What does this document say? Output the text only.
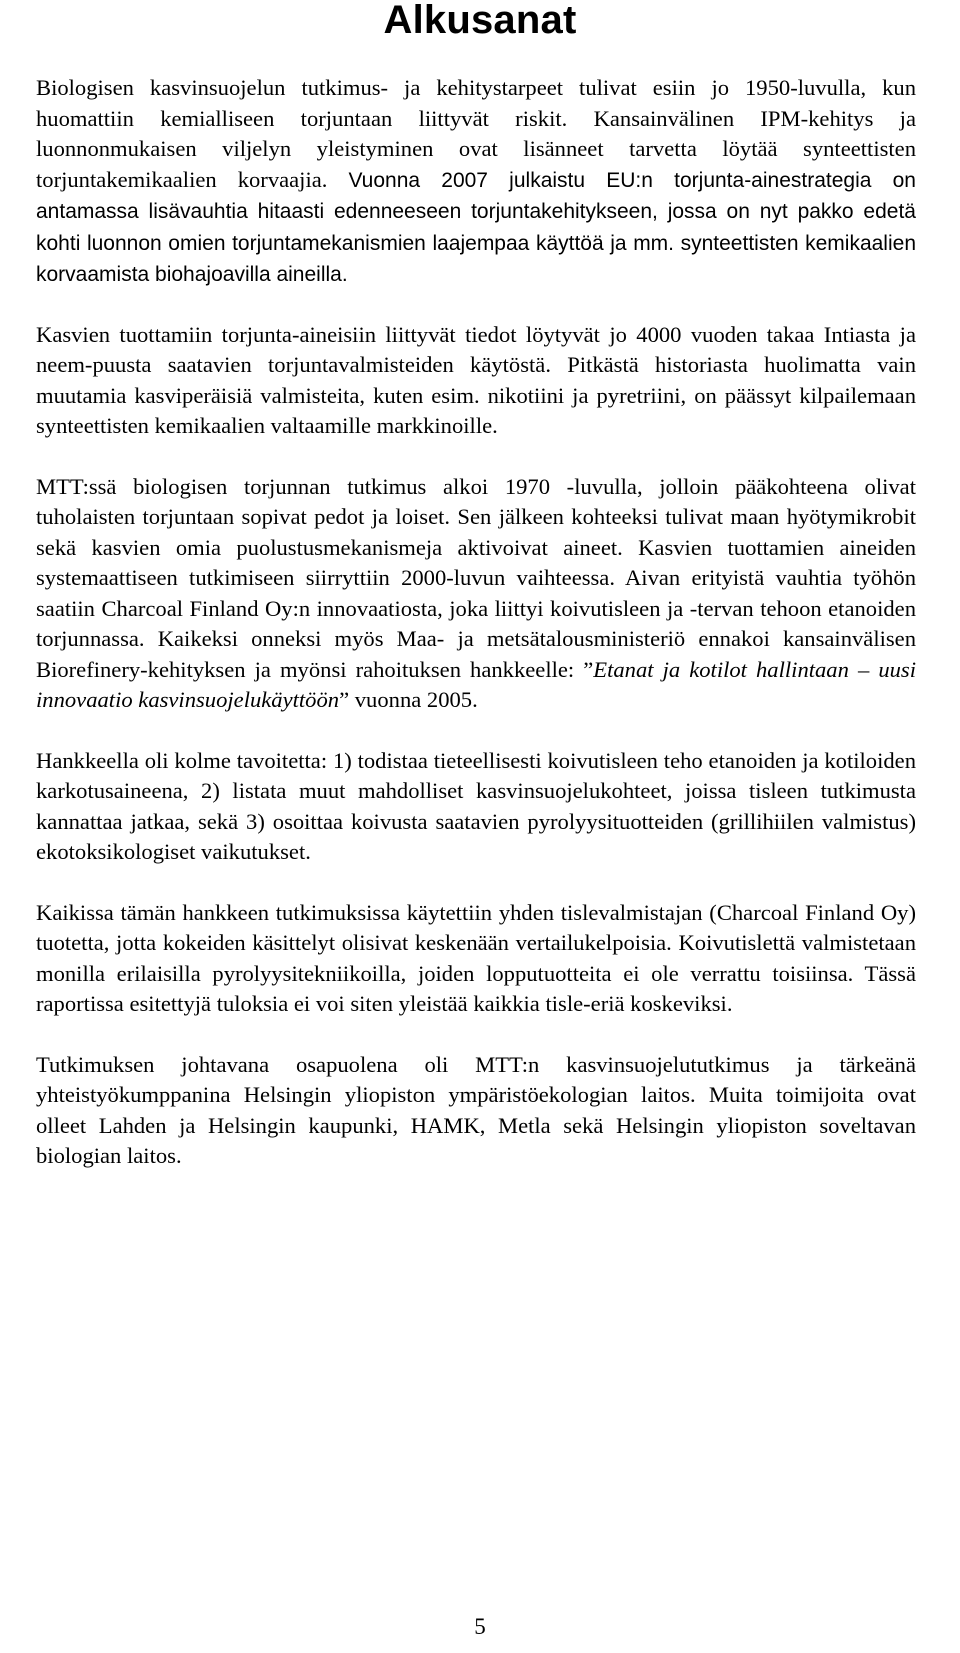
Alkusanat

Biologisen kasvinsuojelun tutkimus- ja kehitystarpeet tulivat esiin jo 1950-luvulla, kun huomattiin kemialliseen torjuntaan liittyvät riskit. Kansainvälinen IPM-kehitys ja luonnonmukaisen viljelyn yleistyminen ovat lisänneet tarvetta löytää synteettisten torjuntakemikaalien korvaajia. Vuonna 2007 julkaistu EU:n torjunta-ainestrategia on antamassa lisävauhtia hitaasti edenneeseen torjuntakehitykseen, jossa on nyt pakko edetä kohti luonnon omien torjuntamekanismien laajempaa käyttöä ja mm. synteettisten kemikaalien korvaamista biohajoavilla aineilla.

Kasvien tuottamiin torjunta-aineisiin liittyvät tiedot löytyvät jo 4000 vuoden takaa Intiasta ja neem-puusta saatavien torjuntavalmisteiden käytöstä. Pitkästä historiasta huolimatta vain muutamia kasviperäisiä valmisteita, kuten esim. nikotiini ja pyretriini, on päässyt kilpailemaan synteettisten kemikaalien valtaamille markkinoille.

MTT:ssä biologisen torjunnan tutkimus alkoi 1970 -luvulla, jolloin pääkohteena olivat tuholaisten torjuntaan sopivat pedot ja loiset. Sen jälkeen kohteeksi tulivat maan hyötymikrobit sekä kasvien omia puolustusmekanismeja aktivoivat aineet. Kasvien tuottamien aineiden systemaattiseen tutkimiseen siirryttiin 2000-luvun vaihteessa. Aivan erityistä vauhtia työhön saatiin Charcoal Finland Oy:n innovaatiosta, joka liittyi koivutisleen ja -tervan tehoon etanoiden torjunnassa. Kaikeksi onneksi myös Maa- ja metsätalousministeriö ennakoi kansainvälisen Biorefinery-kehityksen ja myönsi rahoituksen hankkeelle: ”Etanat ja kotilot hallintaan – uusi innovaatio kasvinsuojelukäyttöön” vuonna 2005.

Hankkeella oli kolme tavoitetta: 1) todistaa tieteellisesti koivutisleen teho etanoiden ja kotiloiden karkotusaineena, 2) listata muut mahdolliset kasvinsuojelukohteet, joissa tisleen tutkimusta kannattaa jatkaa, sekä 3) osoittaa koivusta saatavien pyrolyysituotteiden (grillihiilen valmistus) ekotoksikologiset vaikutukset.

Kaikissa tämän hankkeen tutkimuksissa käytettiin yhden tislevalmistajan (Charcoal Finland Oy) tuotetta, jotta kokeiden käsittelyt olisivat keskenään vertailukelpoisia. Koivutislettä valmistetaan monilla erilaisilla pyrolyysitekniikoilla, joiden lopputuotteita ei ole verrattu toisiinsa. Tässä raportissa esitettyjä tuloksia ei voi siten yleistää kaikkia tisle-eriä koskeviksi.

Tutkimuksen johtavana osapuolena oli MTT:n kasvinsuojelututkimus ja tärkeänä yhteistyökumppanina Helsingin yliopiston ympäristöekologian laitos. Muita toimijoita ovat olleet Lahden ja Helsingin kaupunki, HAMK, Metla sekä Helsingin yliopiston soveltavan biologian laitos.

5
